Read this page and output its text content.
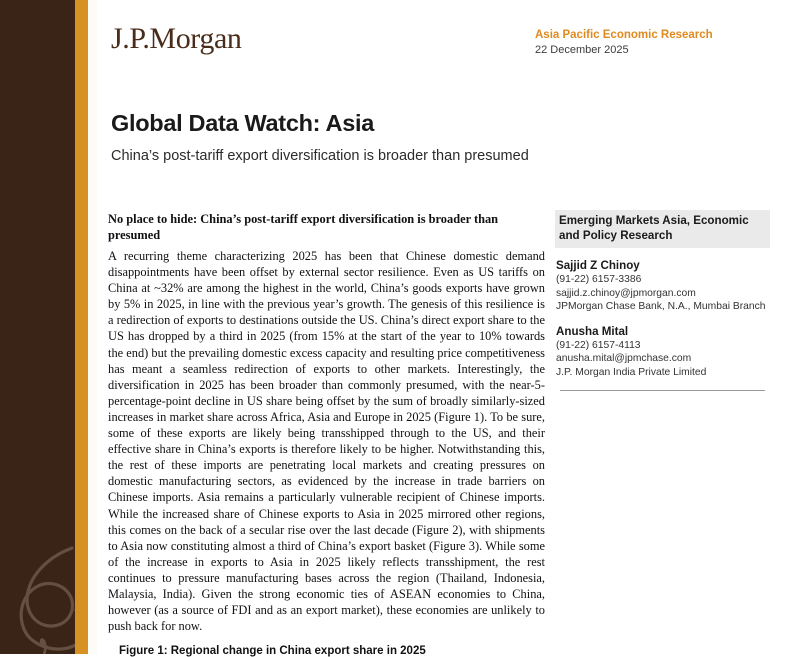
J.P.Morgan	Asia Pacific Economic Research
22 December 2025
Global Data Watch: Asia

China’s post-tariff export diversification is broader than presumed

No place to hide: China’s post-tariff export diversification is broader than presumed

A recurring theme characterizing 2025 has been that Chinese domestic demand disappointments have been offset by external sector resilience. Even as US tariffs on China at ~32% are among the highest in the world, China’s goods exports have grown by 5% in 2025, in line with the previous year’s growth. The genesis of this resilience is a redirection of exports to destinations outside the US. China’s direct export share to the US has dropped by a third in 2025 (from 15% at the start of the year to 10% towards the end) but the prevailing domestic excess capacity and resulting price competitiveness has meant a seamless redirection of exports to other markets. Interestingly, the diversification in 2025 has been broader than commonly presumed, with the near-5-percentage-point decline in US share being offset by the sum of broadly similarly-sized increases in market share across Africa, Asia and Europe in 2025 (Figure 1). To be sure, some of these exports are likely being transshipped through to the US, and their effective share in China’s exports is therefore likely to be higher. Notwithstanding this, the rest of these imports are penetrating local markets and creating pressures on domestic manufacturing sectors, as evidenced by the increase in trade barriers on Chinese imports. Asia remains a particularly vulnerable recipient of Chinese imports. While the increased share of Chinese exports to Asia in 2025 mirrored other regions, this comes on the back of a secular rise over the last decade (Figure 2), with shipments to Asia now constituting almost a third of China’s export basket (Figure 3). While some of the increase in exports to Asia in 2025 likely reflects transshipment, the rest continues to pressure manufacturing bases across the region (Thailand, Indonesia, Malaysia, India). Given the strong economic ties of ASEAN economies to China, however (as a source of FDI and as an export market), these economies are unlikely to push back for now.

Figure 1: Regional change in China export share in 2025
Emerging Markets Asia, Economic and Policy Research
Sajjid Z Chinoy
(91-22) 6157-3386
sajjid.z.chinoy@jpmorgan.com
JPMorgan Chase Bank, N.A., Mumbai Branch
Anusha Mital
(91-22) 6157-4113
anusha.mital@jpmchase.com
J.P. Morgan India Private Limited
